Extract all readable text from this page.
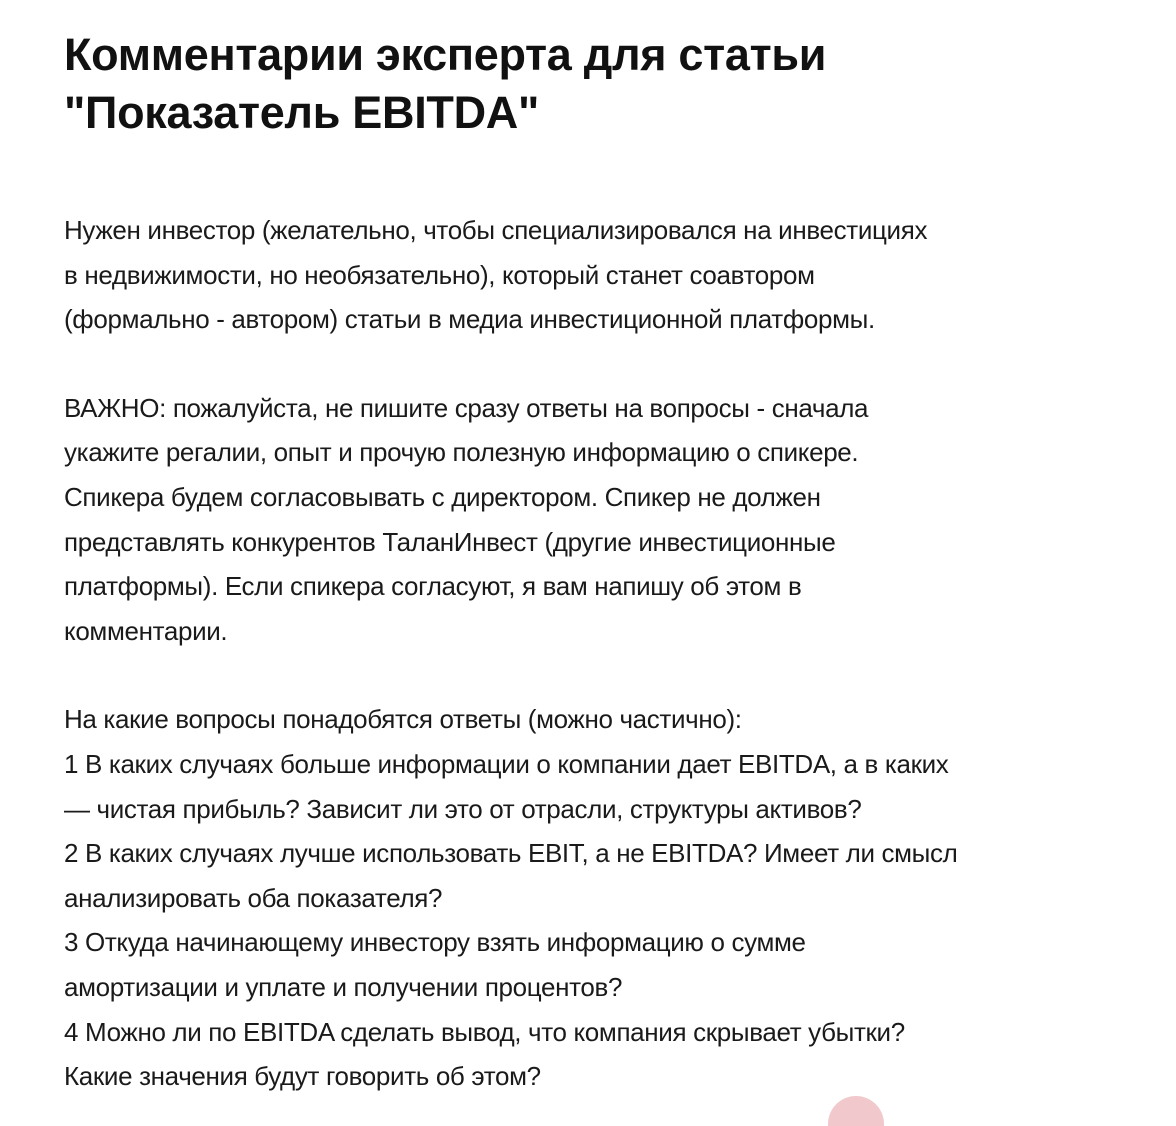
Комментарии эксперта для статьи
"Показатель EBITDA"

Нужен инвестор (желательно, чтобы специализировался на инвестициях
в недвижимости, но необязательно), который станет соавтором
(формально - автором) статьи в медиа инвестиционной платформы.

ВАЖНО: пожалуйста, не пишите сразу ответы на вопросы - сначала
укажите регалии, опыт и прочую полезную информацию о спикере.
Спикера будем согласовывать с директором. Спикер не должен
представлять конкурентов ТаланИнвест (другие инвестиционные
платформы). Если спикера согласуют, я вам напишу об этом в
комментарии.

На какие вопросы понадобятся ответы (можно частично):
1 В каких случаях больше информации о компании дает EBITDA, а в каких
— чистая прибыль? Зависит ли это от отрасли, структуры активов?
2 В каких случаях лучше использовать EBIT, а не EBITDA? Имеет ли смысл
анализировать оба показателя?
3 Откуда начинающему инвестору взять информацию о сумме
амортизации и уплате и получении процентов?
4 Можно ли по EBITDA сделать вывод, что компания скрывает убытки?
Какие значения будут говорить об этом?
